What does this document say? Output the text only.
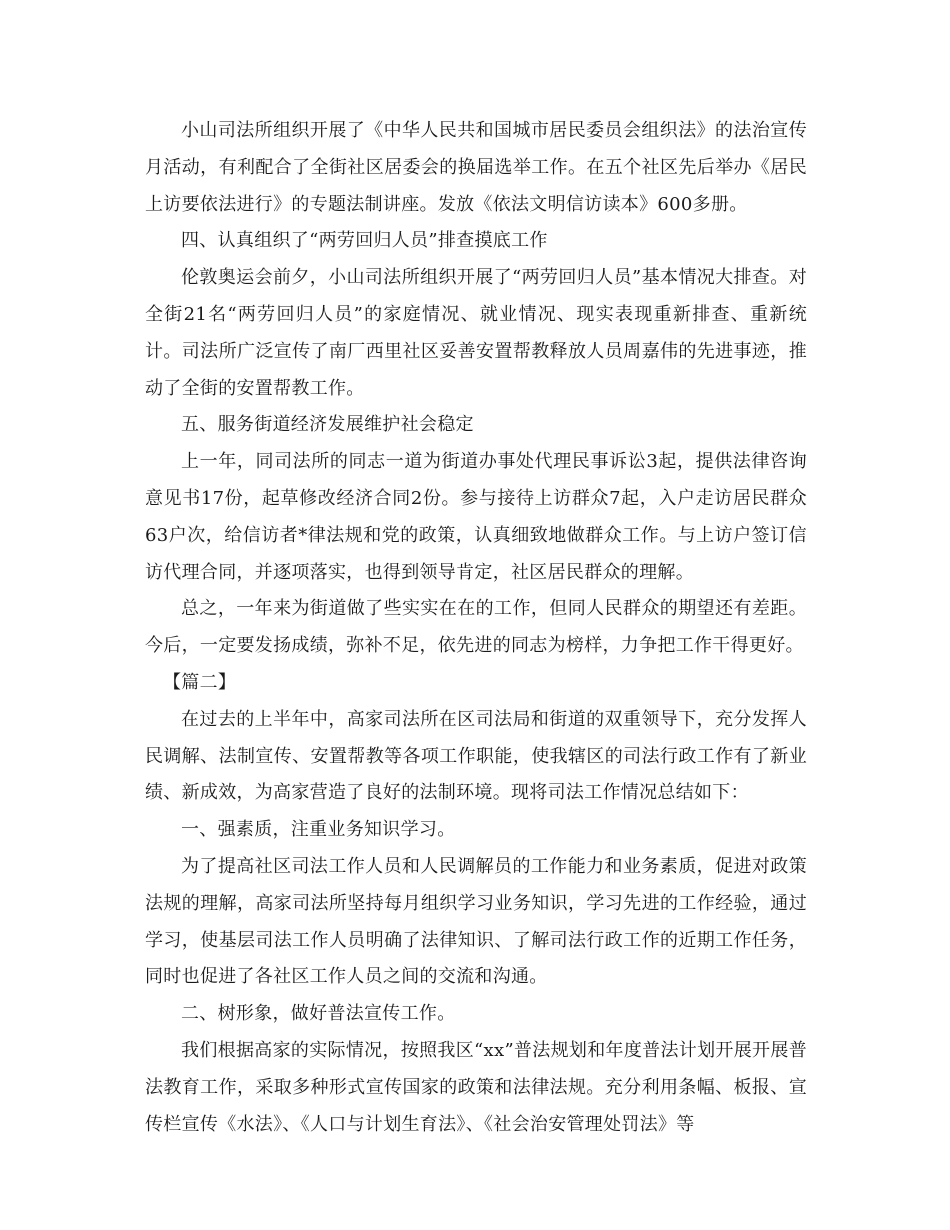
小山司法所组织开展了《中华人民共和国城市居民委员会组织法》的法治宣传月活动，有利配合了全街社区居委会的换届选举工作。在五个社区先后举办《居民上访要依法进行》的专题法制讲座。发放《依法文明信访读本》600多册。

四、认真组织了“两劳回归人员”排查摸底工作

伦敦奥运会前夕，小山司法所组织开展了“两劳回归人员”基本情况大排查。对全街21名“两劳回归人员”的家庭情况、就业情况、现实表现重新排查、重新统计。司法所广泛宣传了南厂西里社区妥善安置帮教释放人员周嘉伟的先进事迹，推动了全街的安置帮教工作。

五、服务街道经济发展维护社会稳定

上一年，同司法所的同志一道为街道办事处代理民事诉讼3起，提供法律咨询意见书17份，起草修改经济合同2份。参与接待上访群众7起，入户走访居民群众63户次，给信访者*律法规和党的政策，认真细致地做群众工作。与上访户签订信访代理合同，并逐项落实，也得到领导肯定，社区居民群众的理解。

总之，一年来为街道做了些实实在在的工作，但同人民群众的期望还有差距。今后，一定要发扬成绩，弥补不足，依先进的同志为榜样，力争把工作干得更好。

【篇二】

在过去的上半年中，高家司法所在区司法局和街道的双重领导下，充分发挥人民调解、法制宣传、安置帮教等各项工作职能，使我辖区的司法行政工作有了新业绩、新成效，为高家营造了良好的法制环境。现将司法工作情况总结如下：

一、强素质，注重业务知识学习。

为了提高社区司法工作人员和人民调解员的工作能力和业务素质，促进对政策法规的理解，高家司法所坚持每月组织学习业务知识，学习先进的工作经验，通过学习，使基层司法工作人员明确了法律知识、了解司法行政工作的近期工作任务，同时也促进了各社区工作人员之间的交流和沟通。

二、树形象，做好普法宣传工作。

我们根据高家的实际情况，按照我区“xx”普法规划和年度普法计划开展开展普法教育工作，采取多种形式宣传国家的政策和法律法规。充分利用条幅、板报、宣传栏宣传《水法》、《人口与计划生育法》、《社会治安管理处罚法》等
